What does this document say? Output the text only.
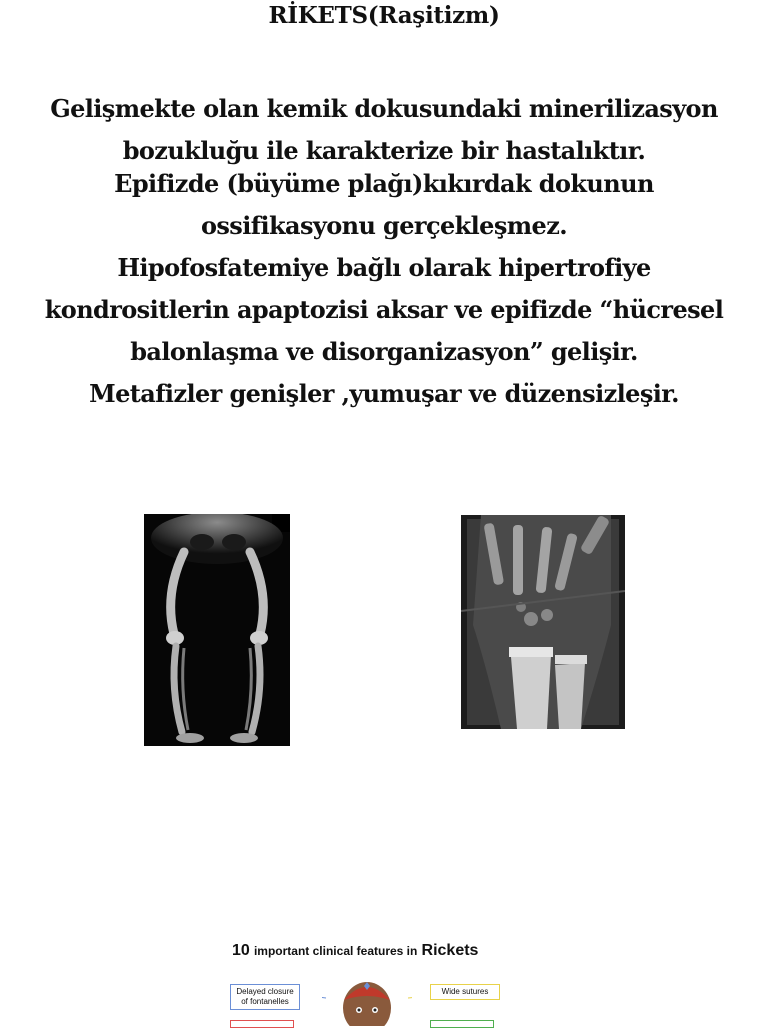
RİKETS(Raşitizm)

Gelişmekte olan kemik dokusundaki minerilizasyon
bozukluğu ile karakterize bir hastalıktır.

Epifizde (büyüme plağı)kıkırdak dokunun
ossifikasyonu gerçekleşmez.
Hipofosfatemiye bağlı olarak hipertrofiye
kondrositlerin apaptozisi aksar ve epifizde “hücresel
balonlaşma ve disorganizasyon” gelişir.
Metafizler genişler ,yumuşar ve düzensizleşir.

10 important clinical features in Rickets
Delayed closure of fontanelles
Wide sutures
